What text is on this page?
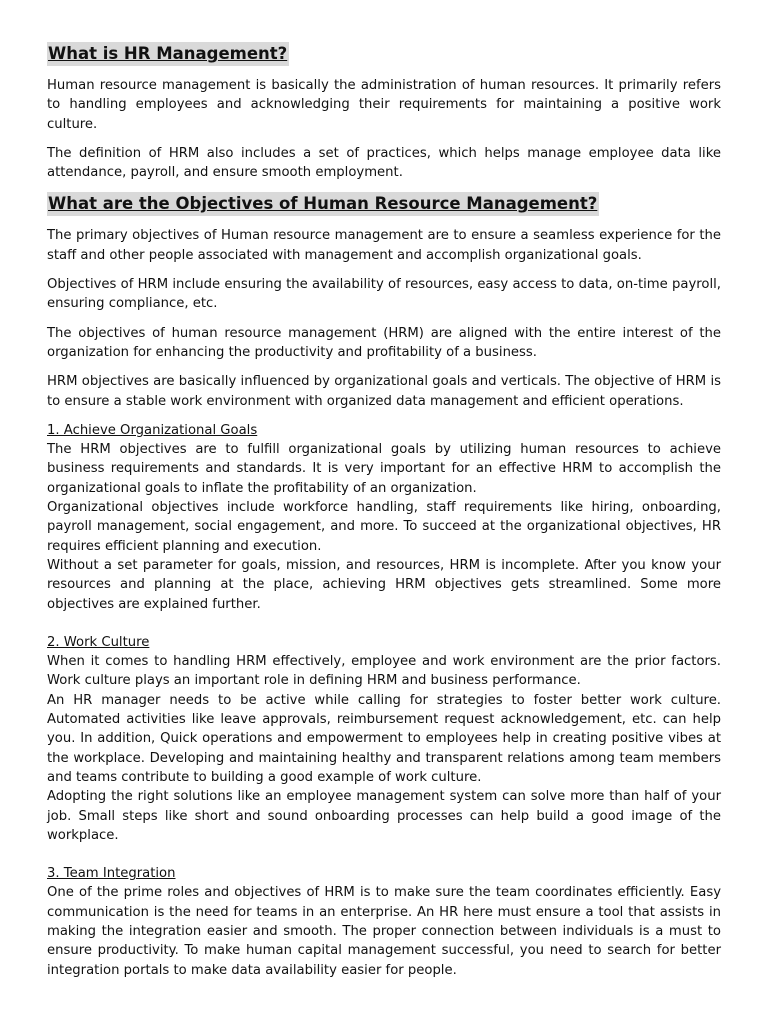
What is HR Management?

Human resource management is basically the administration of human resources. It primarily refers to handling employees and acknowledging their requirements for maintaining a positive work culture.

The definition of HRM also includes a set of practices, which helps manage employee data like attendance, payroll, and ensure smooth employment.

What are the Objectives of Human Resource Management?

The primary objectives of Human resource management are to ensure a seamless experience for the staff and other people associated with management and accomplish organizational goals.

Objectives of HRM include ensuring the availability of resources, easy access to data, on-time payroll, ensuring compliance, etc.

The objectives of human resource management (HRM) are aligned with the entire interest of the organization for enhancing the productivity and profitability of a business.

HRM objectives are basically influenced by organizational goals and verticals. The objective of HRM is to ensure a stable work environment with organized data management and efficient operations.

1. Achieve Organizational Goals

The HRM objectives are to fulfill organizational goals by utilizing human resources to achieve business requirements and standards. It is very important for an effective HRM to accomplish the organizational goals to inflate the profitability of an organization.

Organizational objectives include workforce handling, staff requirements like hiring, onboarding, payroll management, social engagement, and more. To succeed at the organizational objectives, HR requires efficient planning and execution.

Without a set parameter for goals, mission, and resources, HRM is incomplete. After you know your resources and planning at the place, achieving HRM objectives gets streamlined. Some more objectives are explained further.

2. Work Culture

When it comes to handling HRM effectively, employee and work environment are the prior factors. Work culture plays an important role in defining HRM and business performance.

An HR manager needs to be active while calling for strategies to foster better work culture. Automated activities like leave approvals, reimbursement request acknowledgement, etc. can help you. In addition, Quick operations and empowerment to employees help in creating positive vibes at the workplace. Developing and maintaining healthy and transparent relations among team members and teams contribute to building a good example of work culture.

Adopting the right solutions like an employee management system can solve more than half of your job. Small steps like short and sound onboarding processes can help build a good image of the workplace.

3. Team Integration

One of the prime roles and objectives of HRM is to make sure the team coordinates efficiently. Easy communication is the need for teams in an enterprise. An HR here must ensure a tool that assists in making the integration easier and smooth. The proper connection between individuals is a must to ensure productivity. To make human capital management successful, you need to search for better integration portals to make data availability easier for people.
